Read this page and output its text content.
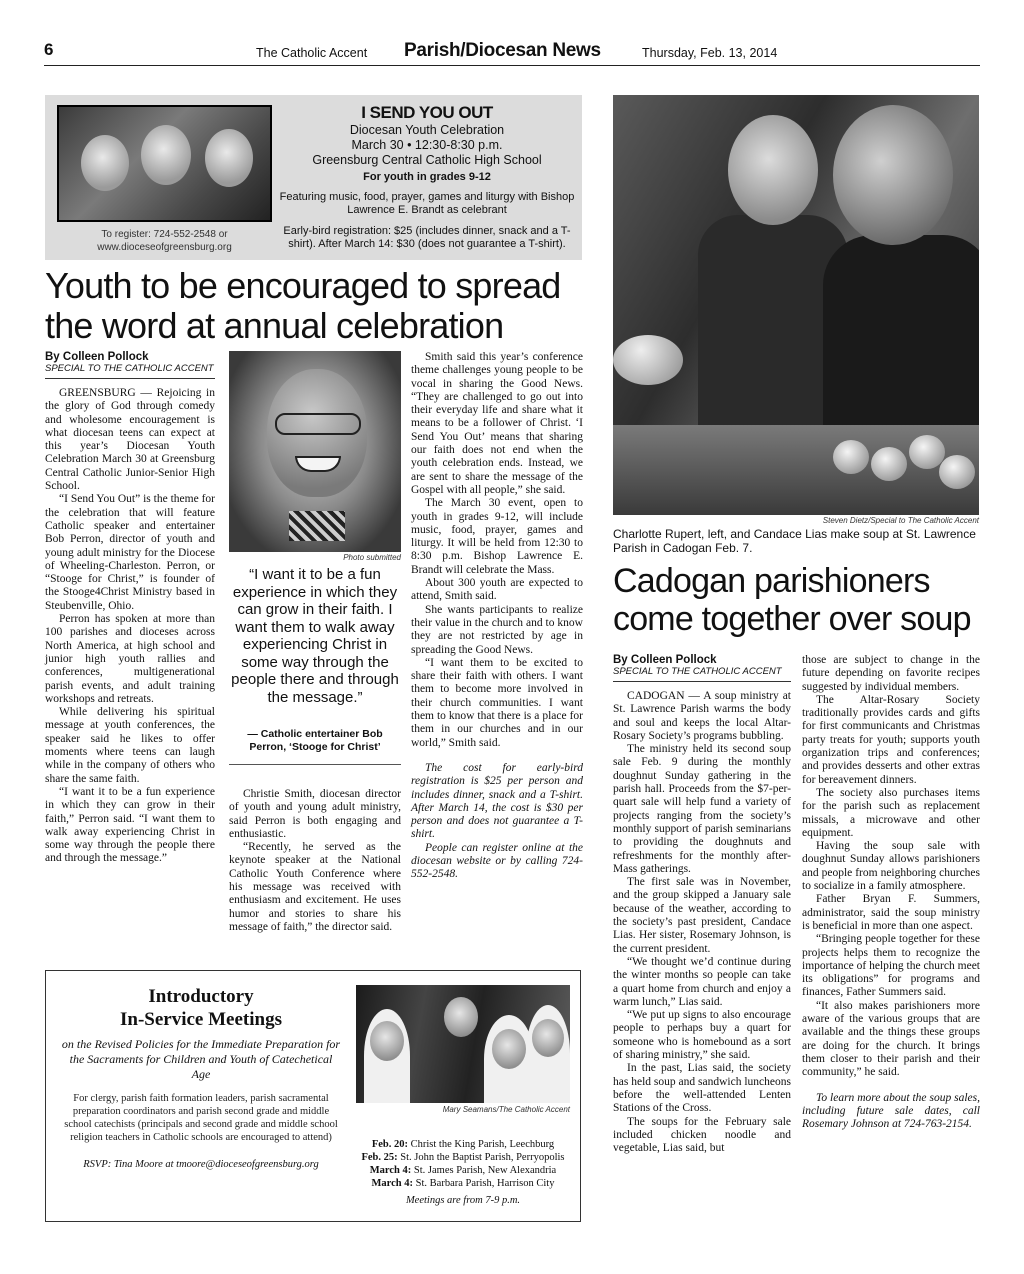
6	The Catholic Accent Parish/Diocesan News	Thursday, Feb. 13, 2014
To register: 724-552-2548 or www.dioceseofgreensburg.org
I SEND YOU OUT
Diocesan Youth Celebration
March 30 • 12:30-8:30 p.m.
Greensburg Central Catholic High School
For youth in grades 9-12
Featuring music, food, prayer, games and liturgy with Bishop Lawrence E. Brandt as celebrant
Early-bird registration: $25 (includes dinner, snack and a T-shirt). After March 14: $30 (does not guarantee a T-shirt).
Youth to be encouraged to spread the word at annual celebration
By Colleen Pollock
SPECIAL TO THE CATHOLIC ACCENT

GREENSBURG — Rejoicing in the glory of God through comedy and wholesome encouragement is what diocesan teens can expect at this year’s Diocesan Youth Celebration March 30 at Greensburg Central Catholic Junior-Senior High School.

“I Send You Out” is the theme for the celebration that will feature Catholic speaker and entertainer Bob Perron, director of youth and young adult ministry for the Diocese of Wheeling-Charleston. Perron, or “Stooge for Christ,” is founder of the Stooge4Christ Ministry based in Steubenville, Ohio.

Perron has spoken at more than 100 parishes and dioceses across North America, at high school and junior high youth rallies and conferences, multigenerational parish events, and adult training workshops and retreats.

While delivering his spiritual message at youth conferences, the speaker said he likes to offer moments where teens can laugh while in the company of others who share the same faith.

“I want it to be a fun experience in which they can grow in their faith,” Perron said. “I want them to walk away experiencing Christ in some way through the people there and through the message.”

Photo submitted
“I want it to be a fun experience in which they can grow in their faith. I want them to walk away experiencing Christ in some way through the people there and through the message.”
— Catholic entertainer Bob Perron, ‘Stooge for Christ’

Christie Smith, diocesan director of youth and young adult ministry, said Perron is both engaging and enthusiastic.

“Recently, he served as the keynote speaker at the National Catholic Youth Conference where his message was received with enthusiasm and excitement. He uses humor and stories to share his message of faith,” the director said.

Smith said this year’s conference theme challenges young people to be vocal in sharing the Good News. “They are challenged to go out into their everyday life and share what it means to be a follower of Christ. ‘I Send You Out’ means that sharing our faith does not end when the youth celebration ends. Instead, we are sent to share the message of the Gospel with all people,” she said.

The March 30 event, open to youth in grades 9-12, will include music, food, prayer, games and liturgy. It will be held from 12:30 to 8:30 p.m. Bishop Lawrence E. Brandt will celebrate the Mass.

About 300 youth are expected to attend, Smith said.

She wants participants to realize their value in the church and to know they are not restricted by age in spreading the Good News.

“I want them to be excited to share their faith with others. I want them to become more involved in their church communities. I want them to know that there is a place for them in our churches and in our world,” Smith said.

The cost for early-bird registration is $25 per person and includes dinner, snack and a T-shirt. After March 14, the cost is $30 per person and does not guarantee a T-shirt.

People can register online at the diocesan website or by calling 724-552-2548.

Steven Dietz/Special to The Catholic Accent
Charlotte Rupert, left, and Candace Lias make soup at St. Lawrence Parish in Cadogan Feb. 7.
Cadogan parishioners come together over soup
By Colleen Pollock
SPECIAL TO THE CATHOLIC ACCENT

CADOGAN — A soup ministry at St. Lawrence Parish warms the body and soul and keeps the local Altar-Rosary Society’s programs bubbling.

The ministry held its second soup sale Feb. 9 during the monthly doughnut Sunday gathering in the parish hall. Proceeds from the $7-per-quart sale will help fund a variety of projects ranging from the society’s monthly support of parish seminarians to providing the doughnuts and refreshments for the monthly after-Mass gatherings.

The first sale was in November, and the group skipped a January sale because of the weather, according to the society’s past president, Candace Lias. Her sister, Rosemary Johnson, is the current president.

“We thought we’d continue during the winter months so people can take a quart home from church and enjoy a warm lunch,” Lias said.

“We put up signs to also encourage people to perhaps buy a quart for someone who is homebound as a sort of sharing ministry,” she said.

In the past, Lias said, the society has held soup and sandwich luncheons before the well-attended Lenten Stations of the Cross.

The soups for the February sale included chicken noodle and vegetable, Lias said, but

those are subject to change in the future depending on favorite recipes suggested by individual members.

The Altar-Rosary Society traditionally provides cards and gifts for first communicants and Christmas party treats for youth; supports youth organization trips and conferences; and provides desserts and other extras for bereavement dinners.

The society also purchases items for the parish such as replacement missals, a microwave and other equipment.

Having the soup sale with doughnut Sunday allows parishioners and people from neighboring churches to socialize in a family atmosphere.

Father Bryan F. Summers, administrator, said the soup ministry is beneficial in more than one aspect.

“Bringing people together for these projects helps them to recognize the importance of helping the church meet its obligations” for programs and finances, Father Summers said.

“It also makes parishioners more aware of the various groups that are available and the things these groups are doing for the church. It brings them closer to their parish and their community,” he said.

To learn more about the soup sales, including future sale dates, call Rosemary Johnson at 724-763-2154.

Introductory
In-Service Meetings
on the Revised Policies for the Immediate Preparation for the Sacraments for Children and Youth of Catechetical Age
For clergy, parish faith formation leaders, parish sacramental preparation coordinators and parish second grade and middle school catechists (principals and second grade and middle school religion teachers in Catholic schools are encouraged to attend)
RSVP: Tina Moore at tmoore@dioceseofgreensburg.org
Mary Seamans/The Catholic Accent
Feb. 20: Christ the King Parish, Leechburg
Feb. 25: St. John the Baptist Parish, Perryopolis
March 4: St. James Parish, New Alexandria
March 4: St. Barbara Parish, Harrison City
Meetings are from 7-9 p.m.
